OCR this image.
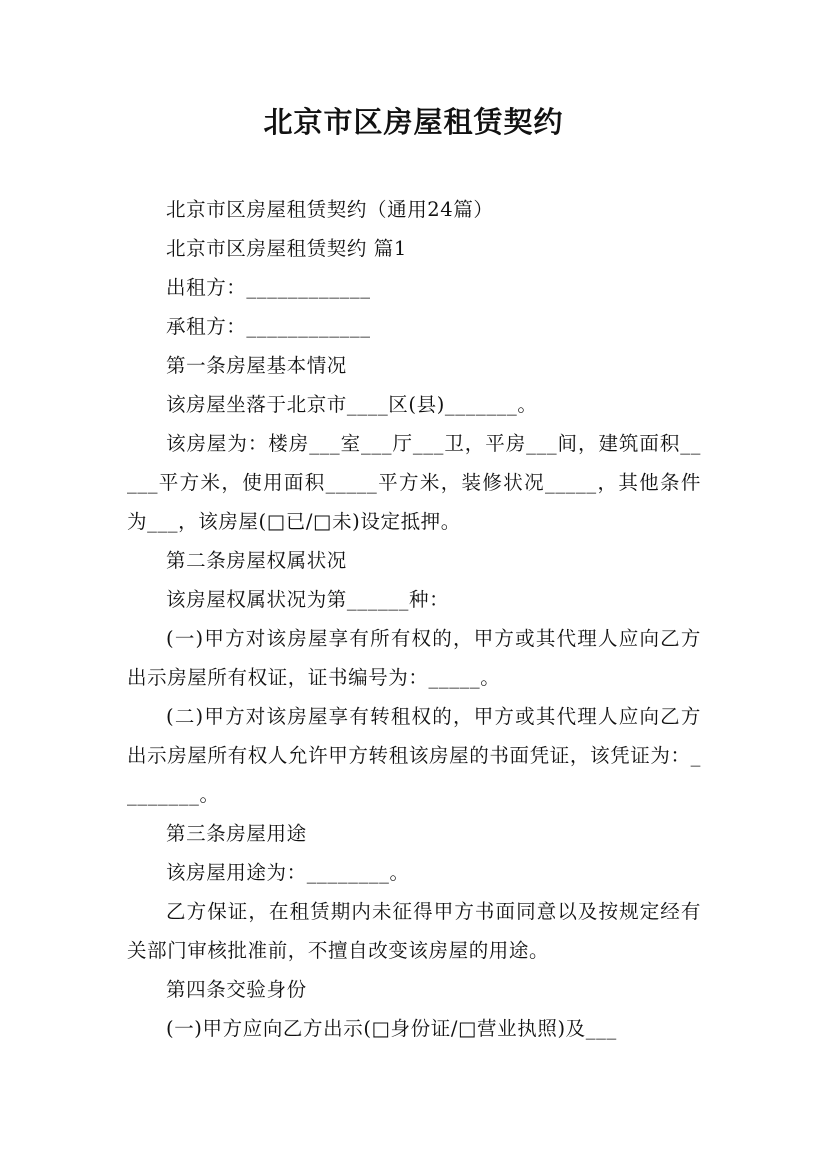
北京市区房屋租赁契约

北京市区房屋租赁契约（通用24篇）

北京市区房屋租赁契约 篇1

出租方：____________

承租方：____________

第一条房屋基本情况

该房屋坐落于北京市____区(县)_______。

该房屋为：楼房___室___厅___卫，平房___间，建筑面积_____平方米，使用面积_____平方米，装修状况_____，其他条件为___，该房屋(□已/□未)设定抵押。

第二条房屋权属状况

该房屋权属状况为第______种：

(一)甲方对该房屋享有所有权的，甲方或其代理人应向乙方出示房屋所有权证，证书编号为：_____。

(二)甲方对该房屋享有转租权的，甲方或其代理人应向乙方出示房屋所有权人允许甲方转租该房屋的书面凭证，该凭证为：________。

第三条房屋用途

该房屋用途为：________。

乙方保证，在租赁期内未征得甲方书面同意以及按规定经有关部门审核批准前，不擅自改变该房屋的用途。

第四条交验身份

(一)甲方应向乙方出示(□身份证/□营业执照)及___
